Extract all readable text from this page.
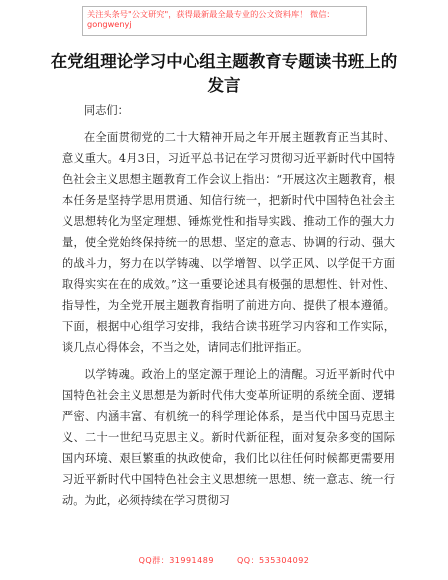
关注头条号"公文研究"，获得最新最全最专业的公文资料库！ 微信：gongwenyj
在党组理论学习中心组主题教育专题读书班上的发言

同志们：

在全面贯彻党的二十大精神开局之年开展主题教育正当其时、意义重大。4月3日，习近平总书记在学习贯彻习近平新时代中国特色社会主义思想主题教育工作会议上指出：“开展这次主题教育，根本任务是坚持学思用贯通、知信行统一，把新时代中国特色社会主义思想转化为坚定理想、锤炼党性和指导实践、推动工作的强大力量，使全党始终保持统一的思想、坚定的意志、协调的行动、强大的战斗力，努力在以学铸魂、以学增智、以学正风、以学促干方面取得实实在在的成效。”这一重要论述具有极强的思想性、针对性、指导性，为全党开展主题教育指明了前进方向、提供了根本遵循。下面，根据中心组学习安排，我结合读书班学习内容和工作实际，谈几点心得体会，不当之处，请同志们批评指正。

以学铸魂。政治上的坚定源于理论上的清醒。习近平新时代中国特色社会主义思想是为新时代伟大变革所证明的系统全面、逻辑严密、内涵丰富、有机统一的科学理论体系，是当代中国马克思主义、二十一世纪马克思主义。新时代新征程，面对复杂多变的国际国内环境、艰巨繁重的执政使命，我们比以往任何时候都更需要用习近平新时代中国特色社会主义思想统一思想、统一意志、统一行动。为此，必须持续在学习贯彻习

QQ群：31991489	QQ：535304092
